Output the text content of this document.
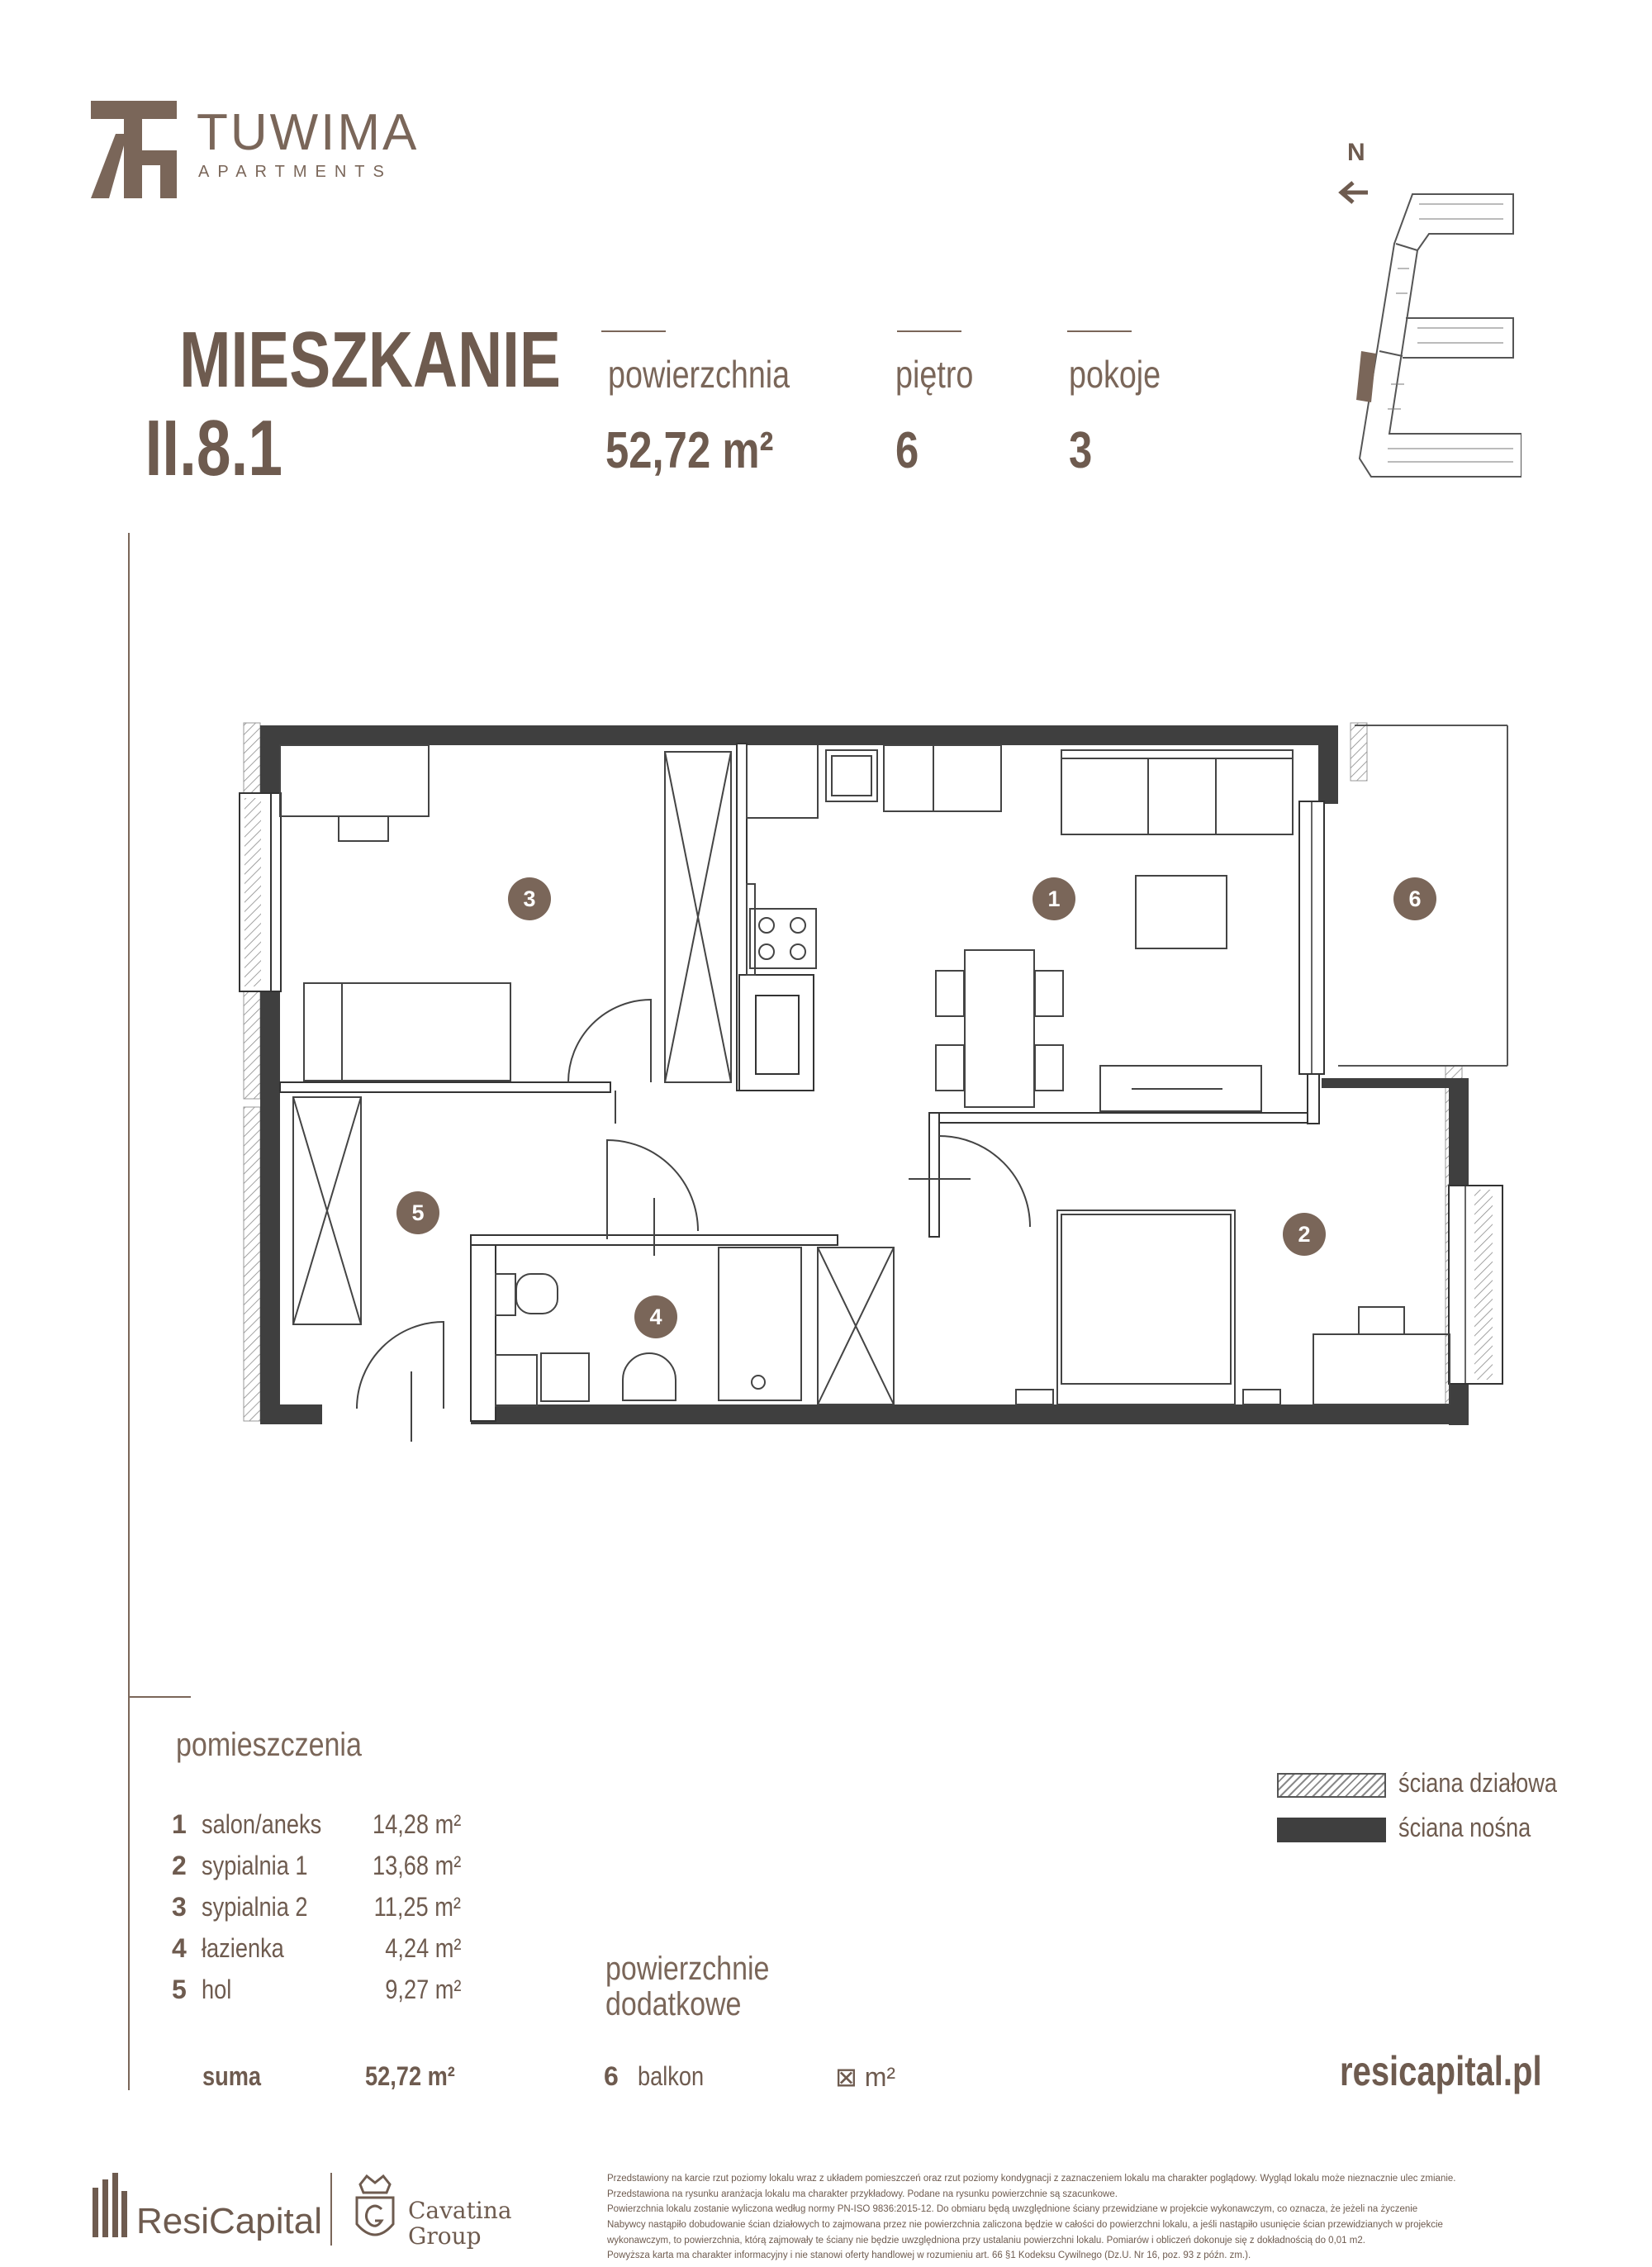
TUWIMA
APARTMENTS
MIESZKANIE
II.8.1
powierzchnia
52,72 m²
piętro
6
pokoje
3
N
3	1	6
5
2
4
pomieszczenia
1 salon/aneks 14,28 m²
2 sypialnia 1 13,68 m²
3 sypialnia 2	11,25 m²
4 łazienka	4,24 m²
5 hol	9,27 m²
suma	52,72 m²
powierzchnie
dodatkowe
6 balkon	⊠ m²
ściana działowa
ściana nośna
resicapital.pl
ResiCapital	Cavatina
Group
Przedstawiony na karcie rzut poziomy lokalu wraz z układem pomieszczeń oraz rzut poziomy kondygnacji z zaznaczeniem lokalu ma charakter poglądowy. Wygląd lokalu może nieznacznie ulec zmianie.
Przedstawiona na rysunku aranżacja lokalu ma charakter przykładowy. Podane na rysunku powierzchnie są szacunkowe.
Powierzchnia lokalu zostanie wyliczona według normy PN-ISO 9836:2015-12. Do obmiaru będą uwzględnione ściany przewidziane w projekcie wykonawczym, co oznacza, że jeżeli na życzenie
Nabywcy nastąpiło dobudowanie ścian działowych to zajmowana przez nie powierzchnia zaliczona będzie w całości do powierzchni lokalu, a jeśli nastąpiło usunięcie ścian przewidzianych w projekcie
wykonawczym, to powierzchnia, którą zajmowały te ściany nie będzie uwzględniona przy ustalaniu powierzchni lokalu. Pomiarów i obliczeń dokonuje się z dokładnością do 0,01 m2.
Powyższa karta ma charakter informacyjny i nie stanowi oferty handlowej w rozumieniu art. 66 §1 Kodeksu Cywilnego (Dz.U. Nr 16, poz. 93 z późn. zm.).
